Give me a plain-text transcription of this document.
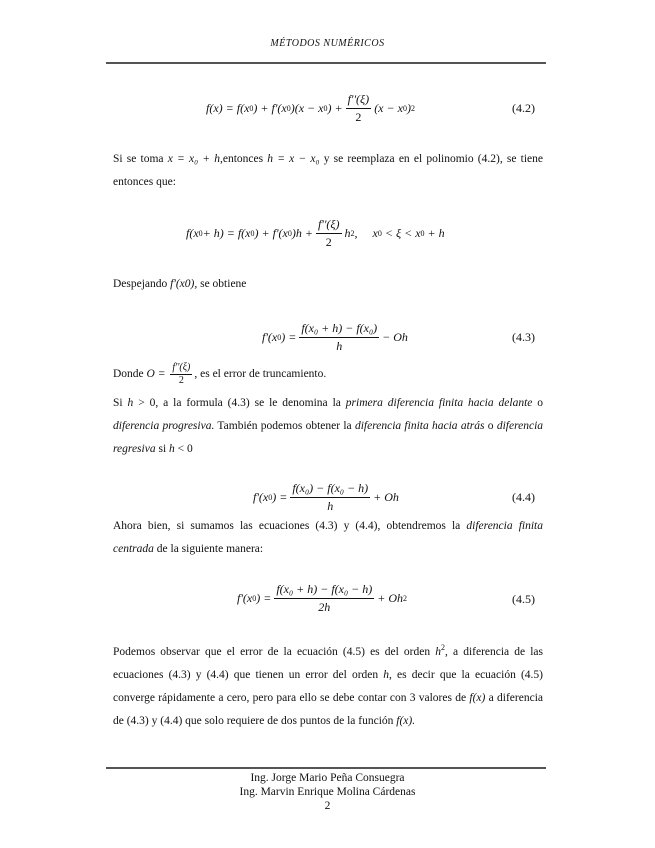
MÉTODOS NUMÉRICOS
f(x) = f(x 0 ) + f'(x 0 )(x − x 0 ) + $\frac{f''(\xi)}{2} (x - x$ 0 ) 2	(4.2)
Si se toma x = x₀ + h,entonces h = x − x₀ y se reemplaza en el polinomio (4.2), se tiene entonces que:
f(x 0 + h) = f(x 0 ) + f'(x 0 )$h + \frac{f''(\xi)}{2}$ h 2 ,     x 0 < ξ < x 0 + h
Despejando f'(x0), se obtiene
f'(x 0 ) = $\frac{\text{f(x₀ + h) − f(x₀)}}{h} - Oh$	(4.3)
Donde $O = \frac{f''(\xi)}{2}$ , es el error de truncamiento.
Si h > 0, a la formula (4.3) se le denomina la primera diferencia finita hacia delante o diferencia progresiva. También podemos obtener la diferencia finita hacia atrás o diferencia regresiva si h < 0
f'(x 0 ) = $\frac{\text{f(x₀) − f(x₀ − h)}}{h} + Oh$	(4.4)
Ahora bien, si sumamos las ecuaciones (4.3) y (4.4), obtendremos la diferencia finita centrada de la siguiente manera:
f'(x 0 ) = $\frac{\text{f(x₀ + h) − f(x₀ − h)}}{2h} + Oh$ 2	(4.5)
Podemos observar que el error de la ecuación (4.5) es del orden $h^2$, a diferencia de las ecuaciones (4.3) y (4.4) que tienen un error del orden h, es decir que la ecuación (4.5) converge rápidamente a cero, pero para ello se debe contar con 3 valores de f(x) a diferencia de (4.3) y (4.4) que solo requiere de dos puntos de la función f(x).
Ing. Jorge Mario Peña Consuegra
Ing. Marvin Enrique Molina Cárdenas
2
